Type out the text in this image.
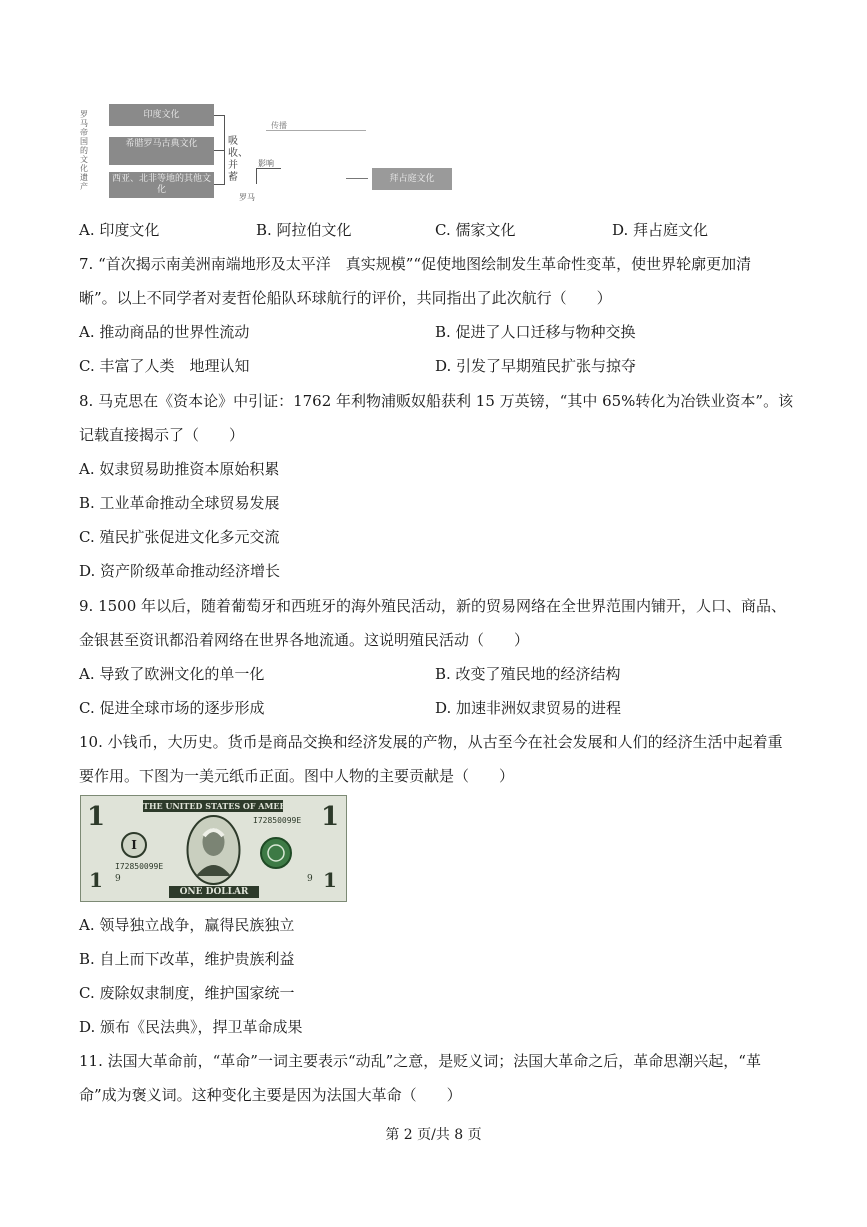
罗马帝国的文化遗产
印度文化
希腊罗马古典文化
西亚、北非等地的其他文化
吸收、并蓄
传播
影响
罗马
拜占庭文化
A. 印度文化	B. 阿拉伯文化	C. 儒家文化	D. 拜占庭文化
7. “首次揭示南美洲南端地形及太平洋　真实规模”“促使地图绘制发生革命性变革，使世界轮廓更加清
晰”。以上不同学者对麦哲伦船队环球航行的评价，共同指出了此次航行（　　）
A. 推动商品的世界性流动	B. 促进了人口迁移与物种交换
C. 丰富了人类　地理认知	D. 引发了早期殖民扩张与掠夺
8. 马克思在《资本论》中引证：1762 年利物浦贩奴船获利 15 万英镑，“其中 65%转化为冶铁业资本”。该
记载直接揭示了（　　）
A. 奴隶贸易助推资本原始积累
B. 工业革命推动全球贸易发展
C. 殖民扩张促进文化多元交流
D. 资产阶级革命推动经济增长
9. 1500 年以后，随着葡萄牙和西班牙的海外殖民活动，新的贸易网络在全世界范围内铺开，人口、商品、
金银甚至资讯都沿着网络在世界各地流通。这说明殖民活动（　　）
A. 导致了欧洲文化的单一化	B. 改变了殖民地的经济结构
C. 促进全球市场的逐步形成	D. 加速非洲奴隶贸易的进程
10. 小钱币，大历史。货币是商品交换和经济发展的产物，从古至今在社会发展和人们的经济生活中起着重
要作用。下图为一美元纸币正面。图中人物的主要贡献是（　　）
THE UNITED STATES OF AMERICA
1	1
1	1
I
I72850099E
I72850099E
9	9
ONE DOLLAR
A. 领导独立战争，赢得民族独立
B. 自上而下改革，维护贵族利益
C. 废除奴隶制度，维护国家统一
D. 颁布《民法典》，捍卫革命成果
11. 法国大革命前，“革命”一词主要表示“动乱”之意，是贬义词；法国大革命之后，革命思潮兴起，“革
命”成为褒义词。这种变化主要是因为法国大革命（　　）
第 2 页/共 8 页
